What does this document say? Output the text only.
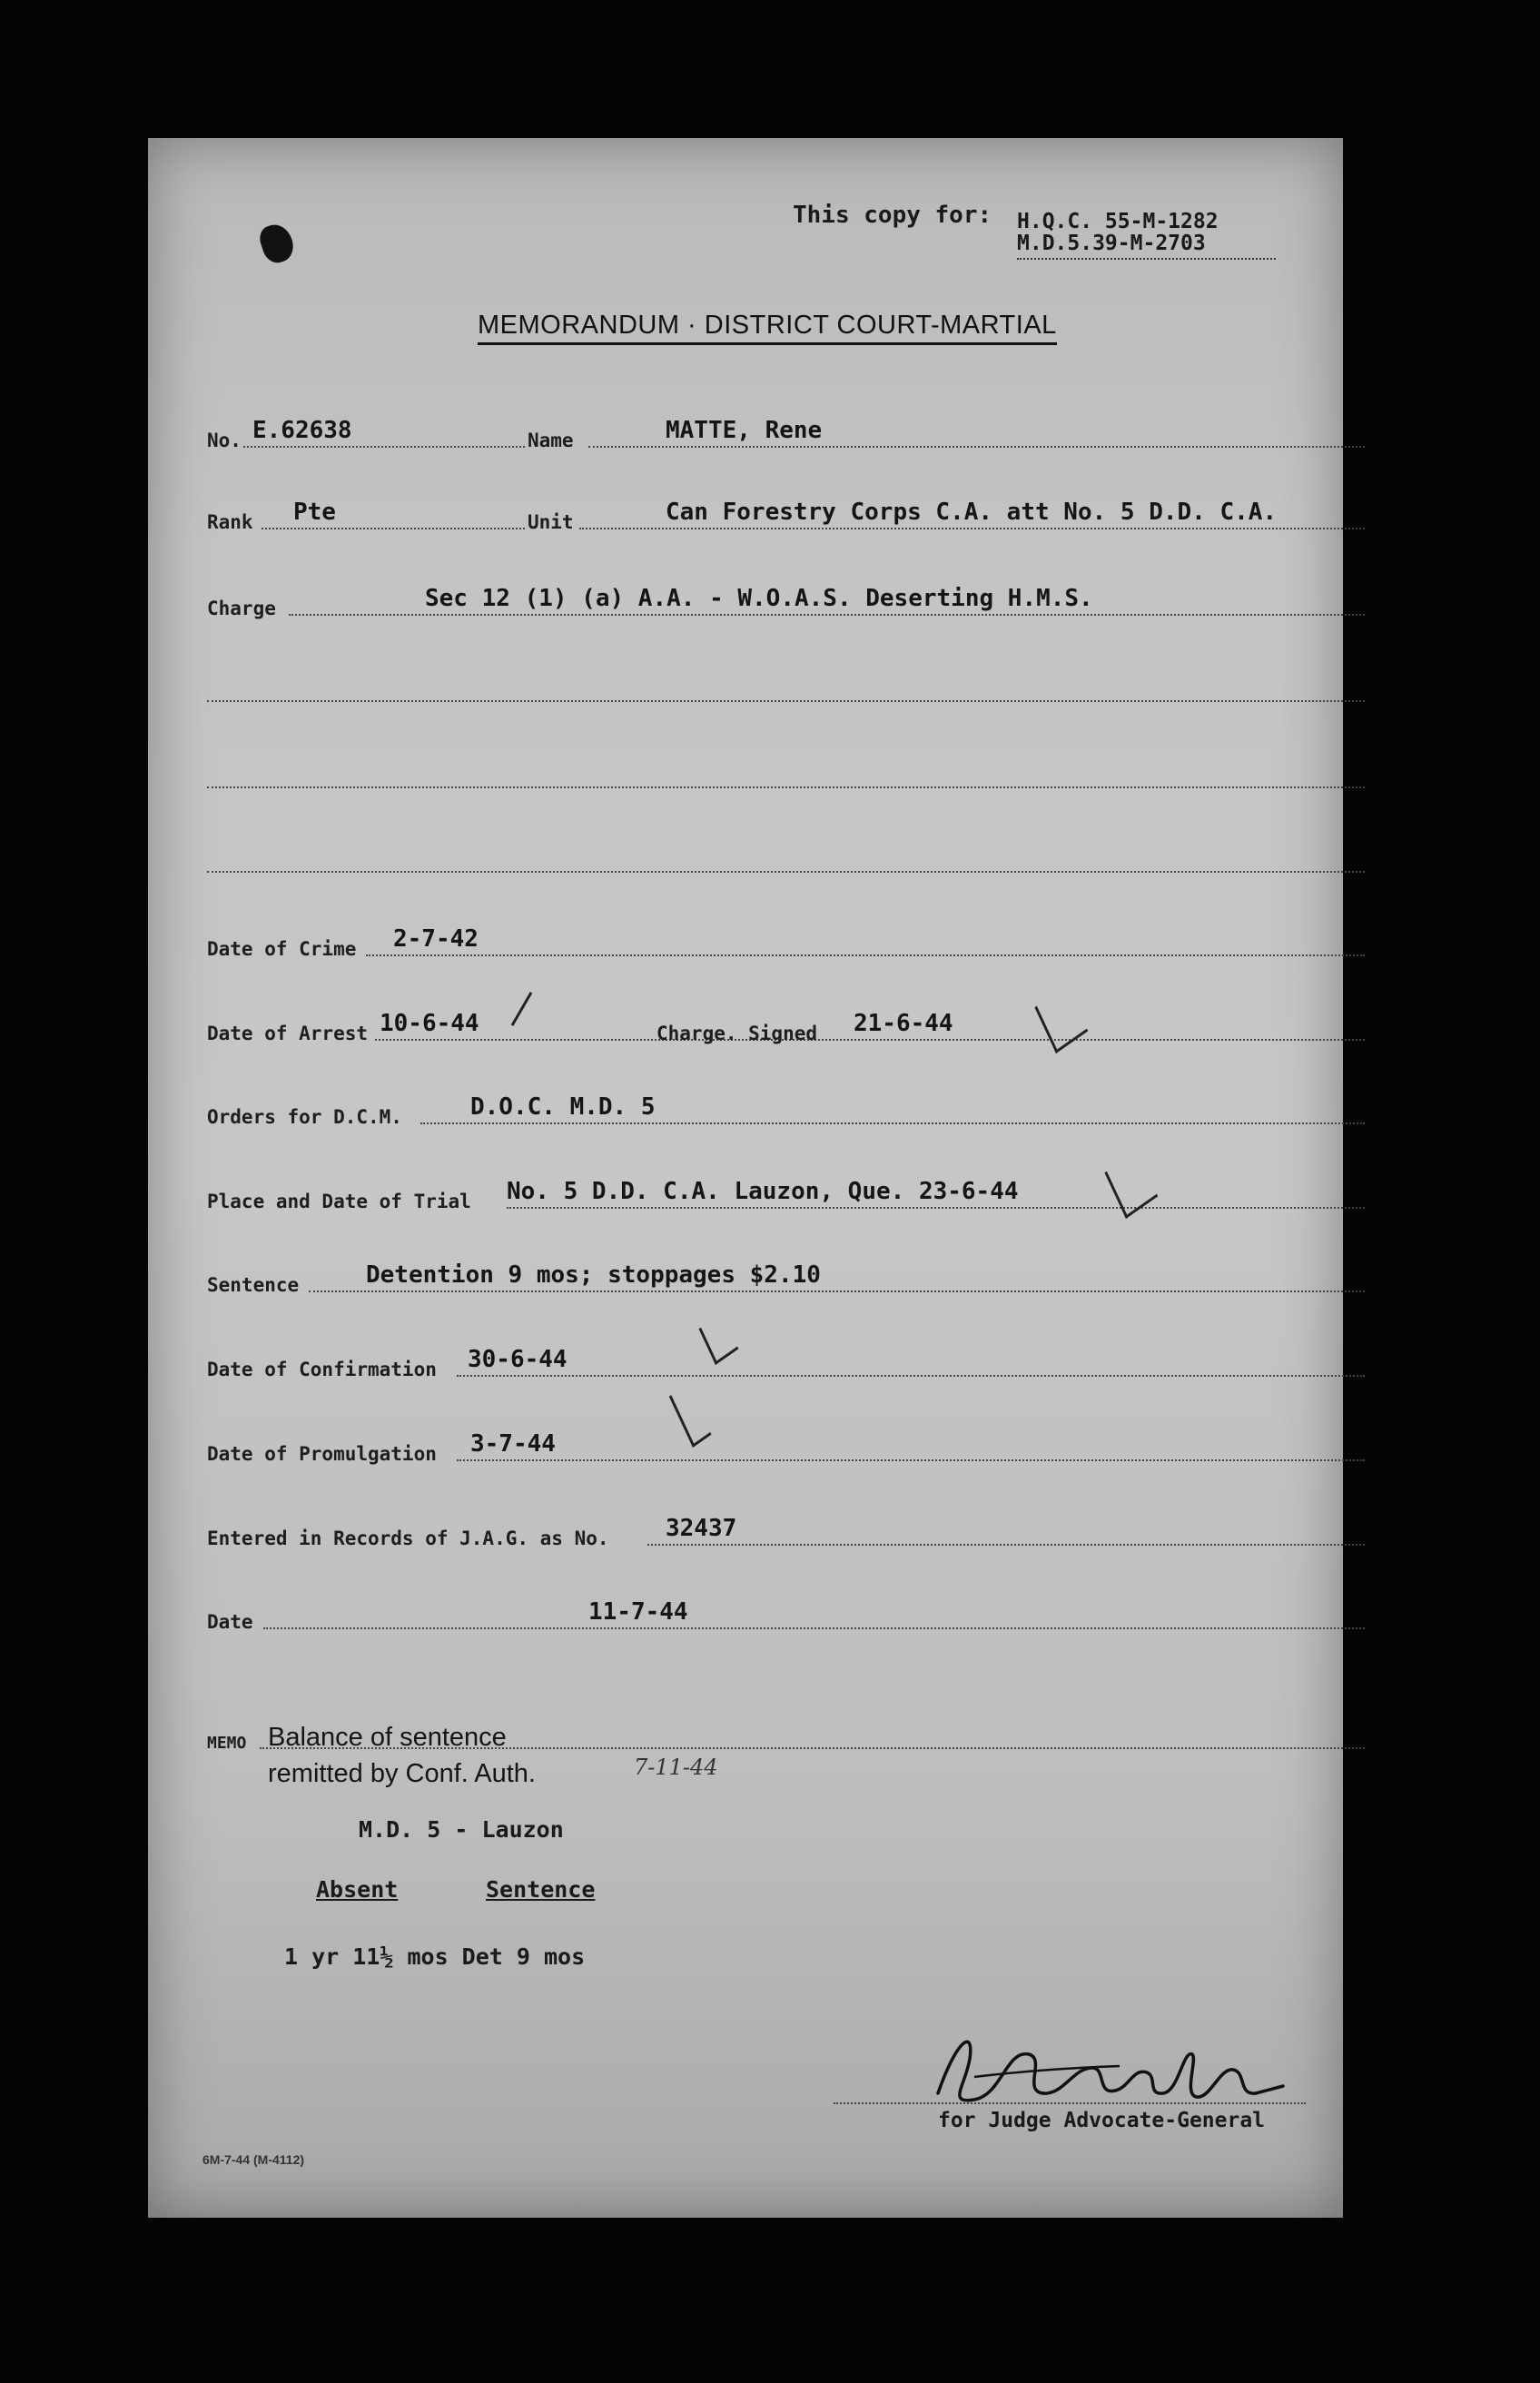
This copy for: H.Q.C. 55-M-1282
M.D.5.39-M-2703
MEMORANDUM · DISTRICT COURT-MARTIAL
No. E.62638	Name	MATTE, Rene
Rank Pte	Unit	Can Forestry Corps C.A. att No. 5 D.D. C.A.
Charge	Sec 12 (1) (a) A.A. - W.O.A.S. Deserting H.M.S.
Date of Crime 2-7-42
Date of Arrest 10-6-44	Charge. Signed 21-6-44
Orders for D.C.M.	D.O.C. M.D. 5
Place and Date of Trial No. 5 D.D. C.A. Lauzon, Que. 23-6-44
Sentence	Detention 9 mos; stoppages $2.10
Date of Confirmation 30-6-44
Date of Promulgation 3-7-44
Entered in Records of J.A.G. as No. 32437
Date	11-7-44
MEMO Balance of sentence
remitted by Conf. Auth.	7-11-44
M.D. 5 - Lauzon
Absent	Sentence
1 yr 11½ mos Det 9 mos
for Judge Advocate-General
6M-7-44 (M-4112)
